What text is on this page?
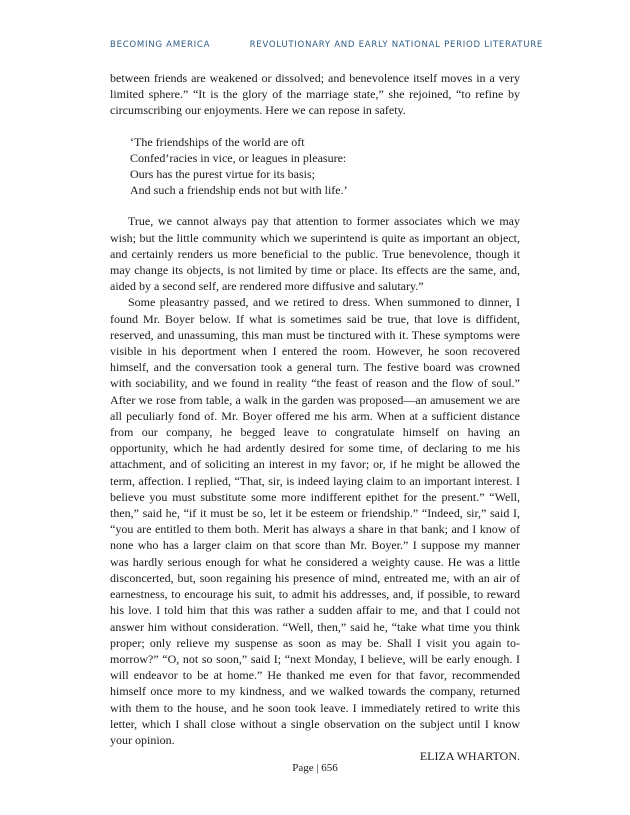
BECOMING AMERICA	REVOLUTIONARY AND EARLY NATIONAL PERIOD LITERATURE

between friends are weakened or dissolved; and benevolence itself moves in a very limited sphere.” “It is the glory of the marriage state,” she rejoined, “to refine by circumscribing our enjoyments. Here we can repose in safety.

‘The friendships of the world are oft
Confed’racies in vice, or leagues in pleasure:
Ours has the purest virtue for its basis;
And such a friendship ends not but with life.’

True, we cannot always pay that attention to former associates which we may wish; but the little community which we superintend is quite as important an object, and certainly renders us more beneficial to the public. True benevolence, though it may change its objects, is not limited by time or place. Its effects are the same, and, aided by a second self, are rendered more diffusive and salutary.”

Some pleasantry passed, and we retired to dress. When summoned to dinner, I found Mr. Boyer below. If what is sometimes said be true, that love is diffident, reserved, and unassuming, this man must be tinctured with it. These symptoms were visible in his deportment when I entered the room. However, he soon recovered himself, and the conversation took a general turn. The festive board was crowned with sociability, and we found in reality “the feast of reason and the flow of soul.” After we rose from table, a walk in the garden was proposed—an amusement we are all peculiarly fond of. Mr. Boyer offered me his arm. When at a sufficient distance from our company, he begged leave to congratulate himself on having an opportunity, which he had ardently desired for some time, of declaring to me his attachment, and of soliciting an interest in my favor; or, if he might be allowed the term, affection. I replied, “That, sir, is indeed laying claim to an important interest. I believe you must substitute some more indifferent epithet for the present.” “Well, then,” said he, “if it must be so, let it be esteem or friendship.” “Indeed, sir,” said I, “you are entitled to them both. Merit has always a share in that bank; and I know of none who has a larger claim on that score than Mr. Boyer.” I suppose my manner was hardly serious enough for what he considered a weighty cause. He was a little disconcerted, but, soon regaining his presence of mind, entreated me, with an air of earnestness, to encourage his suit, to admit his addresses, and, if possible, to reward his love. I told him that this was rather a sudden affair to me, and that I could not answer him without consideration. “Well, then,” said he, “take what time you think proper; only relieve my suspense as soon as may be. Shall I visit you again to-morrow?” “O, not so soon,” said I; “next Monday, I believe, will be early enough. I will endeavor to be at home.” He thanked me even for that favor, recommended himself once more to my kindness, and we walked towards the company, returned with them to the house, and he soon took leave. I immediately retired to write this letter, which I shall close without a single observation on the subject until I know your opinion.

ELIZA WHARTON.

Page | 656
